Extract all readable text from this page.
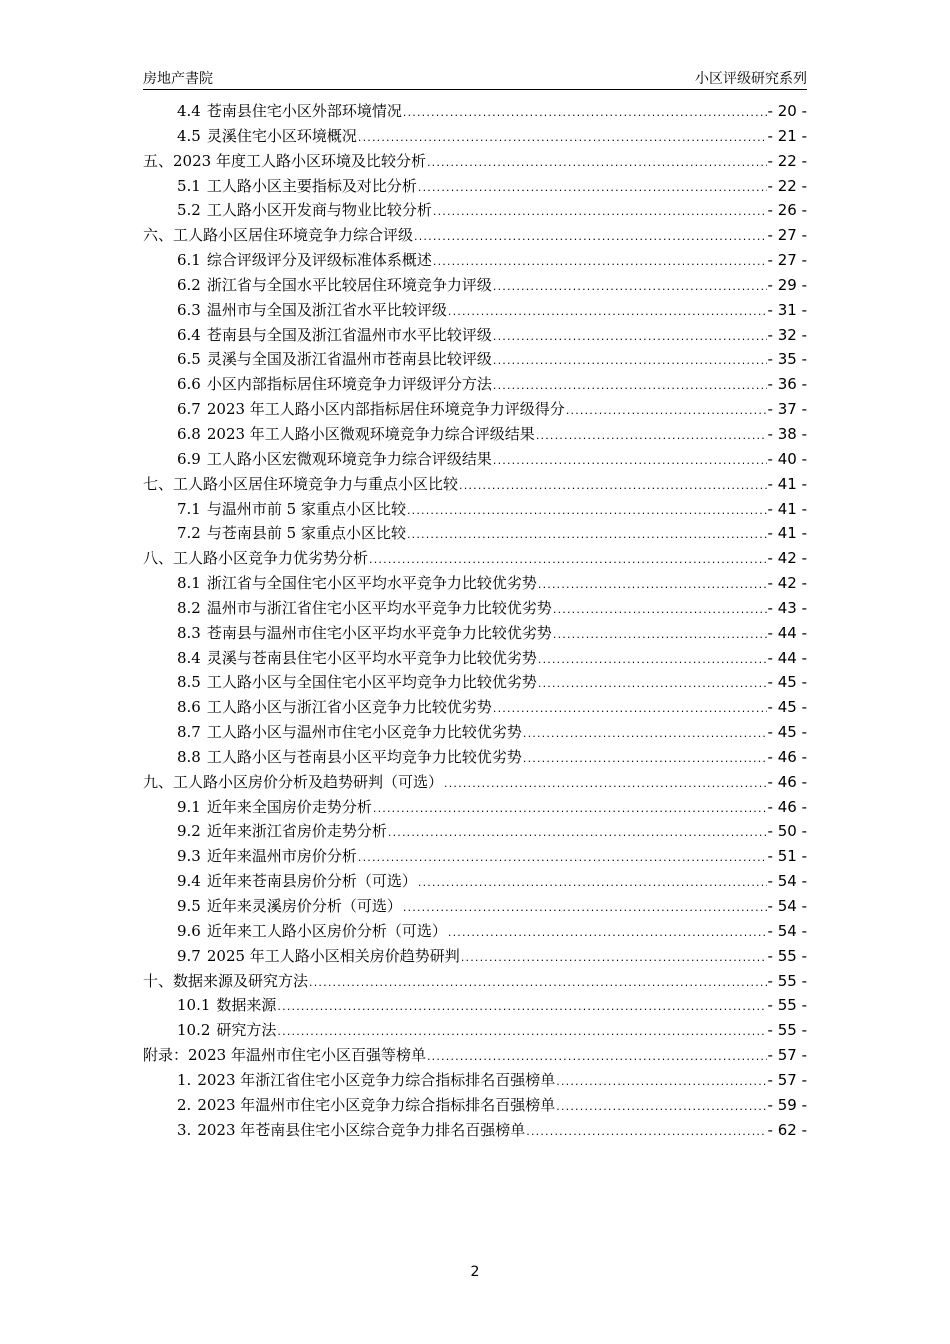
房地产書院	小区评级研究系列
4.4 苍南县住宅小区外部环境情况 .....	- 20 -
4.5 灵溪住宅小区环境概况 .....	- 21 -
五、 2023 年度工人路小区环境及比较分析 .....	- 22 -
5.1 工人路小区主要指标及对比分析 .....	- 22 -
5.2 工人路小区开发商与物业比较分析 .....	- 26 -
六、 工人路小区居住环境竞争力综合评级 .....	- 27 -
6.1 综合评级评分及评级标准体系概述 .....	- 27 -
6.2 浙江省与全国水平比较居住环境竞争力评级 .....	- 29 -
6.3 温州市与全国及浙江省水平比较评级 .....	- 31 -
6.4 苍南县与全国及浙江省温州市水平比较评级 .....	- 32 -
6.5 灵溪与全国及浙江省温州市苍南县比较评级 .....	- 35 -
6.6 小区内部指标居住环境竞争力评级评分方法 .....	- 36 -
6.7 2023 年工人路小区内部指标居住环境竞争力评级得分 .....	- 37 -
6.8 2023 年工人路小区微观环境竞争力综合评级结果 .....	- 38 -
6.9 工人路小区宏微观环境竞争力综合评级结果 .....	- 40 -
七、 工人路小区居住环境竞争力与重点小区比较 .....	- 41 -
7.1 与温州市前 5 家重点小区比较 .....	- 41 -
7.2 与苍南县前 5 家重点小区比较 .....	- 41 -
八、 工人路小区竞争力优劣势分析 .....	- 42 -
8.1 浙江省与全国住宅小区平均水平竞争力比较优劣势 .....	- 42 -
8.2 温州市与浙江省住宅小区平均水平竞争力比较优劣势 .....	- 43 -
8.3 苍南县与温州市住宅小区平均水平竞争力比较优劣势 .....	- 44 -
8.4 灵溪与苍南县住宅小区平均水平竞争力比较优劣势 .....	- 44 -
8.5 工人路小区与全国住宅小区平均竞争力比较优劣势 .....	- 45 -
8.6 工人路小区与浙江省小区竞争力比较优劣势 .....	- 45 -
8.7 工人路小区与温州市住宅小区竞争力比较优劣势 .....	- 45 -
8.8 工人路小区与苍南县小区平均竞争力比较优劣势 .....	- 46 -
九、 工人路小区房价分析及趋势研判（可选） .....	- 46 -
9.1 近年来全国房价走势分析 .....	- 46 -
9.2 近年来浙江省房价走势分析 .....	- 50 -
9.3 近年来温州市房价分析 .....	- 51 -
9.4 近年来苍南县房价分析（可选） .....	- 54 -
9.5 近年来灵溪房价分析（可选） .....	- 54 -
9.6 近年来工人路小区房价分析（可选） .....	- 54 -
9.7 2025 年工人路小区相关房价趋势研判 .....	- 55 -
十、 数据来源及研究方法 .....	- 55 -
10.1 数据来源 .....	- 55 -
10.2 研究方法 .....	- 55 -
附录： 2023 年温州市住宅小区百强等榜单 .....	- 57 -
1. 2023 年浙江省住宅小区竞争力综合指标排名百强榜单 .....	- 57 -
2. 2023 年温州市住宅小区竞争力综合指标排名百强榜单 .....	- 59 -
3. 2023 年苍南县住宅小区综合竞争力排名百强榜单 .....	- 62 -
2
